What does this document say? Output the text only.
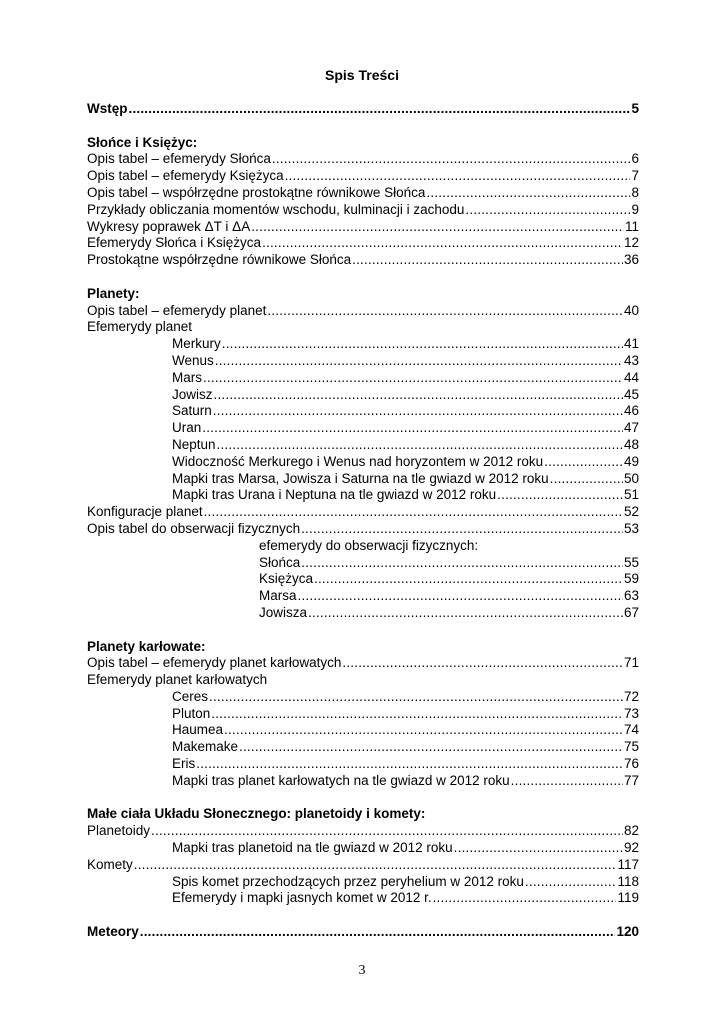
Spis Treści
Wstęp .....	5
Słońce i Księżyc:
Opis tabel – efemerydy Słońca .....	6
Opis tabel – efemerydy Księżyca .....	7
Opis tabel – współrzędne prostokątne równikowe Słońca .....	8
Przykłady obliczania momentów wschodu, kulminacji i zachodu .....	9
Wykresy poprawek ΔT i ΔA .....	11
Efemerydy Słońca i Księżyca .....	12
Prostokątne współrzędne równikowe Słońca .....	36
Planety:
Opis tabel – efemerydy planet .....	40
Efemerydy planet
Merkury .....	41
Wenus .....	43
Mars .....	44
Jowisz .....	45
Saturn .....	46
Uran .....	47
Neptun .....	48
Widoczność Merkurego i Wenus nad horyzontem w 2012 roku .....	49
Mapki tras Marsa, Jowisza i Saturna na tle gwiazd w 2012 roku .....	50
Mapki tras Urana i Neptuna na tle gwiazd w 2012 roku .....	51
Konfiguracje planet .....	52
Opis tabel do obserwacji fizycznych .....	53
efemerydy do obserwacji fizycznych:
Słońca .....	55
Księżyca .....	59
Marsa .....	63
Jowisza .....	67
Planety karłowate:
Opis tabel – efemerydy planet karłowatych .....	71
Efemerydy planet karłowatych
Ceres .....	72
Pluton .....	73
Haumea .....	74
Makemake .....	75
Eris .....	76
Mapki tras planet karłowatych na tle gwiazd w 2012 roku .....	77
Małe ciała Układu Słonecznego: planetoidy i komety:
Planetoidy .....	82
Mapki tras planetoid na tle gwiazd w 2012 roku .....	92
Komety .....	117
Spis komet przechodzących przez peryhelium w 2012 roku .....	118
Efemerydy i mapki jasnych komet w 2012 r. .....	119
Meteory .....	120
3
